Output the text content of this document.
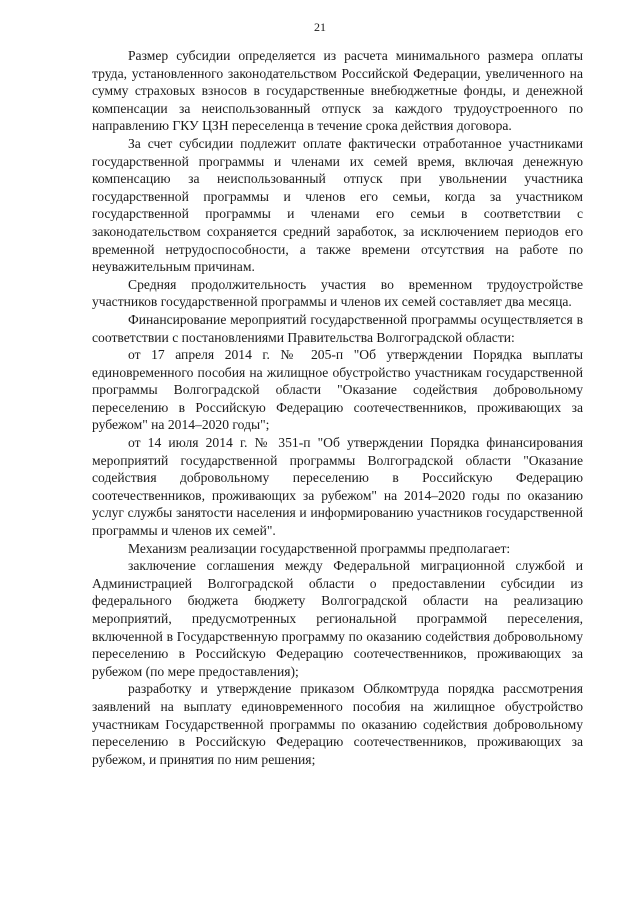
21

Размер субсидии определяется из расчета минимального размера оплаты труда, установленного законодательством Российской Федерации, увеличенного на сумму страховых взносов в государственные внебюджетные фонды, и денежной компенсации за неиспользованный отпуск за каждого трудоустроенного по направлению ГКУ ЦЗН переселенца в течение срока действия договора.

За счет субсидии подлежит оплате фактически отработанное участниками государственной программы и членами их семей время, включая денежную компенсацию за неиспользованный отпуск при увольнении участника государственной программы и членов его семьи, когда за участником государственной программы и членами его семьи в соответствии с законодательством сохраняется средний заработок, за исключением периодов его временной нетрудоспособности, а также времени отсутствия на работе по неуважительным причинам.

Средняя продолжительность участия во временном трудоустройстве участников государственной программы и членов их семей составляет два месяца.

Финансирование мероприятий государственной программы осуществляется в соответствии с постановлениями Правительства Волгоградской области:

от 17 апреля 2014 г. № 205-п "Об утверждении Порядка выплаты единовременного пособия на жилищное обустройство участникам государственной программы Волгоградской области "Оказание содействия добровольному переселению в Российскую Федерацию соотечественников, проживающих за рубежом" на 2014–2020 годы";

от 14 июля 2014 г. № 351-п "Об утверждении Порядка финансирования мероприятий государственной программы Волгоградской области "Оказание содействия добровольному переселению в Российскую Федерацию соотечественников, проживающих за рубежом" на 2014–2020 годы по оказанию услуг службы занятости населения и информированию участников государственной программы и членов их семей".

Механизм реализации государственной программы предполагает:

заключение соглашения между Федеральной миграционной службой и Администрацией Волгоградской области о предоставлении субсидии из федерального бюджета бюджету Волгоградской области на реализацию мероприятий, предусмотренных региональной программой переселения, включенной в Государственную программу по оказанию содействия добровольному переселению в Российскую Федерацию соотечественников, проживающих за рубежом (по мере предоставления);

разработку и утверждение приказом Облкомтруда порядка рассмотрения заявлений на выплату единовременного пособия на жилищное обустройство участникам Государственной программы по оказанию содействия добровольному переселению в Российскую Федерацию соотечественников, проживающих за рубежом, и принятия по ним решения;
